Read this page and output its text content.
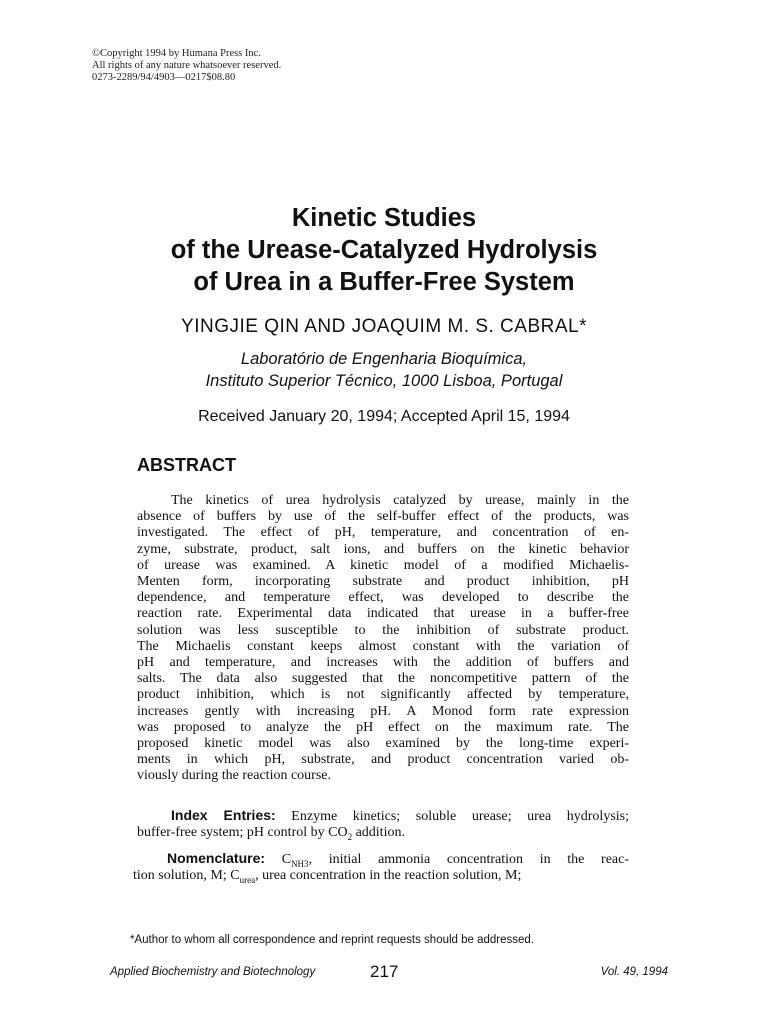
©Copyright 1994 by Humana Press Inc.
All rights of any nature whatsoever reserved.
0273-2289/94/4903—0217$08.80
Kinetic Studies
of the Urease-Catalyzed Hydrolysis
of Urea in a Buffer-Free System
YINGJIE QIN AND JOAQUIM M. S. CABRAL*
Laboratório de Engenharia Bioquímica,
Instituto Superior Técnico, 1000 Lisboa, Portugal
Received January 20, 1994; Accepted April 15, 1994
ABSTRACT
The kinetics of urea hydrolysis catalyzed by urease, mainly in the
absence of buffers by use of the self-buffer effect of the products, was
investigated. The effect of pH, temperature, and concentration of en-
zyme, substrate, product, salt ions, and buffers on the kinetic behavior
of urease was examined. A kinetic model of a modified Michaelis-
Menten form, incorporating substrate and product inhibition, pH
dependence, and temperature effect, was developed to describe the
reaction rate. Experimental data indicated that urease in a buffer-free
solution was less susceptible to the inhibition of substrate product.
The Michaelis constant keeps almost constant with the variation of
pH and temperature, and increases with the addition of buffers and
salts. The data also suggested that the noncompetitive pattern of the
product inhibition, which is not significantly affected by temperature,
increases gently with increasing pH. A Monod form rate expression
was proposed to analyze the pH effect on the maximum rate. The
proposed kinetic model was also examined by the long-time experi-
ments in which pH, substrate, and product concentration varied ob-
viously during the reaction course.
Index Entries: Enzyme kinetics; soluble urease; urea hydrolysis;
buffer-free system; pH control by $CO_2$ addition.
Nomenclature: $C_{NH3}$, initial ammonia concentration in the reac-
tion solution, M; $C_{urea}$, urea concentration in the reaction solution, M;
*Author to whom all correspondence and reprint requests should be addressed.
Applied Biochemistry and Biotechnology	217	Vol. 49, 1994
